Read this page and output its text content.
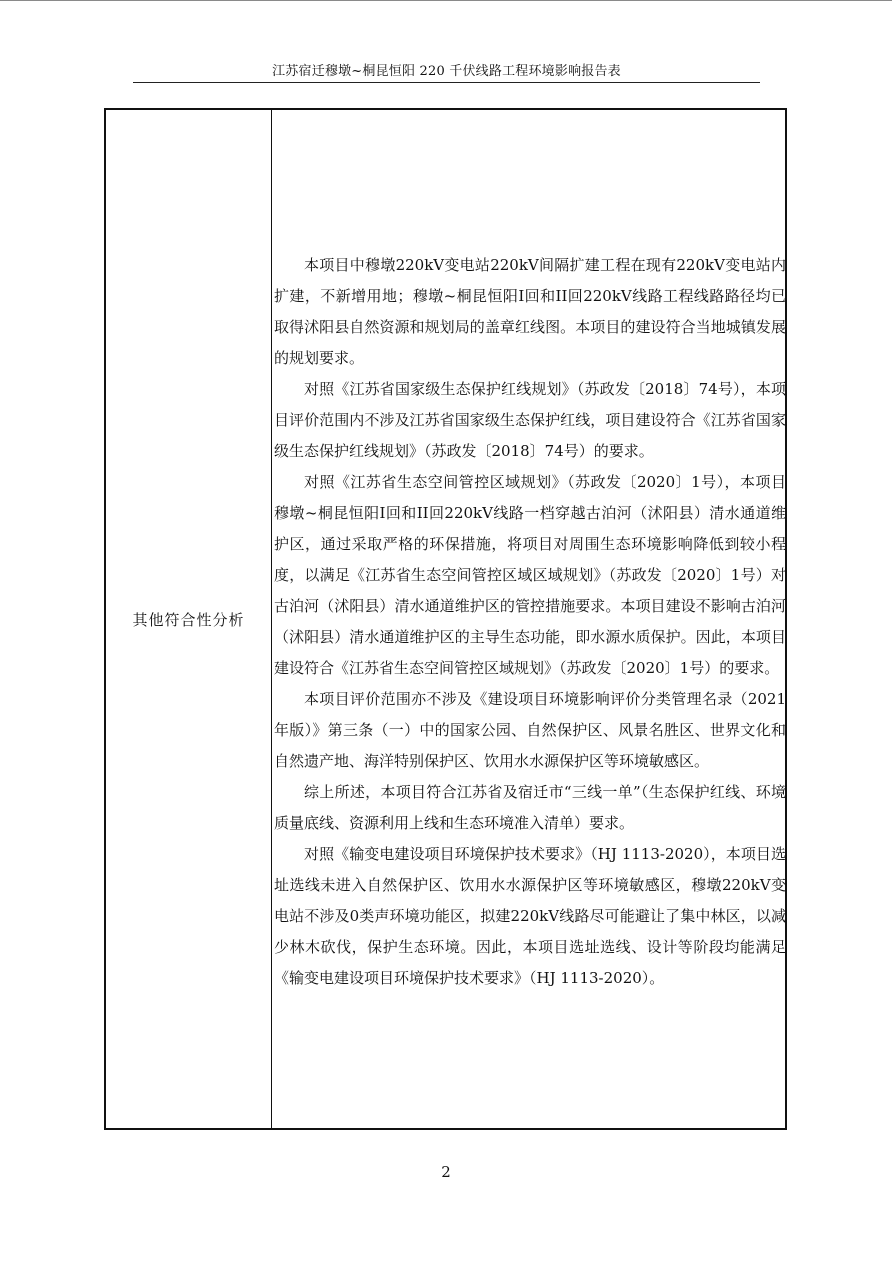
江苏宿迁穆墩~桐昆恒阳 220 千伏线路工程环境影响报告表
其他符合性分析

本项目中穆墩220kV变电站220kV间隔扩建工程在现有220kV变电站内扩建，不新增用地；穆墩~桐昆恒阳I回和II回220kV线路工程线路路径均已取得沭阳县自然资源和规划局的盖章红线图。本项目的建设符合当地城镇发展的规划要求。

对照《江苏省国家级生态保护红线规划》（苏政发〔2018〕74号），本项目评价范围内不涉及江苏省国家级生态保护红线，项目建设符合《江苏省国家级生态保护红线规划》（苏政发〔2018〕74号）的要求。

对照《江苏省生态空间管控区域规划》（苏政发〔2020〕1号），本项目穆墩~桐昆恒阳I回和II回220kV线路一档穿越古泊河（沭阳县）清水通道维护区，通过采取严格的环保措施，将项目对周围生态环境影响降低到较小程度，以满足《江苏省生态空间管控区域区域规划》（苏政发〔2020〕1号）对古泊河（沭阳县）清水通道维护区的管控措施要求。本项目建设不影响古泊河（沭阳县）清水通道维护区的主导生态功能，即水源水质保护。因此，本项目建设符合《江苏省生态空间管控区域规划》（苏政发〔2020〕1号）的要求。

本项目评价范围亦不涉及《建设项目环境影响评价分类管理名录（2021年版）》第三条（一）中的国家公园、自然保护区、风景名胜区、世界文化和自然遗产地、海洋特别保护区、饮用水水源保护区等环境敏感区。

综上所述，本项目符合江苏省及宿迁市“三线一单”（生态保护红线、环境质量底线、资源利用上线和生态环境准入清单）要求。

对照《输变电建设项目环境保护技术要求》（HJ 1113-2020），本项目选址选线未进入自然保护区、饮用水水源保护区等环境敏感区，穆墩220kV变电站不涉及0类声环境功能区，拟建220kV线路尽可能避让了集中林区，以减少林木砍伐，保护生态环境。因此，本项目选址选线、设计等阶段均能满足《输变电建设项目环境保护技术要求》（HJ 1113-2020）。

2
